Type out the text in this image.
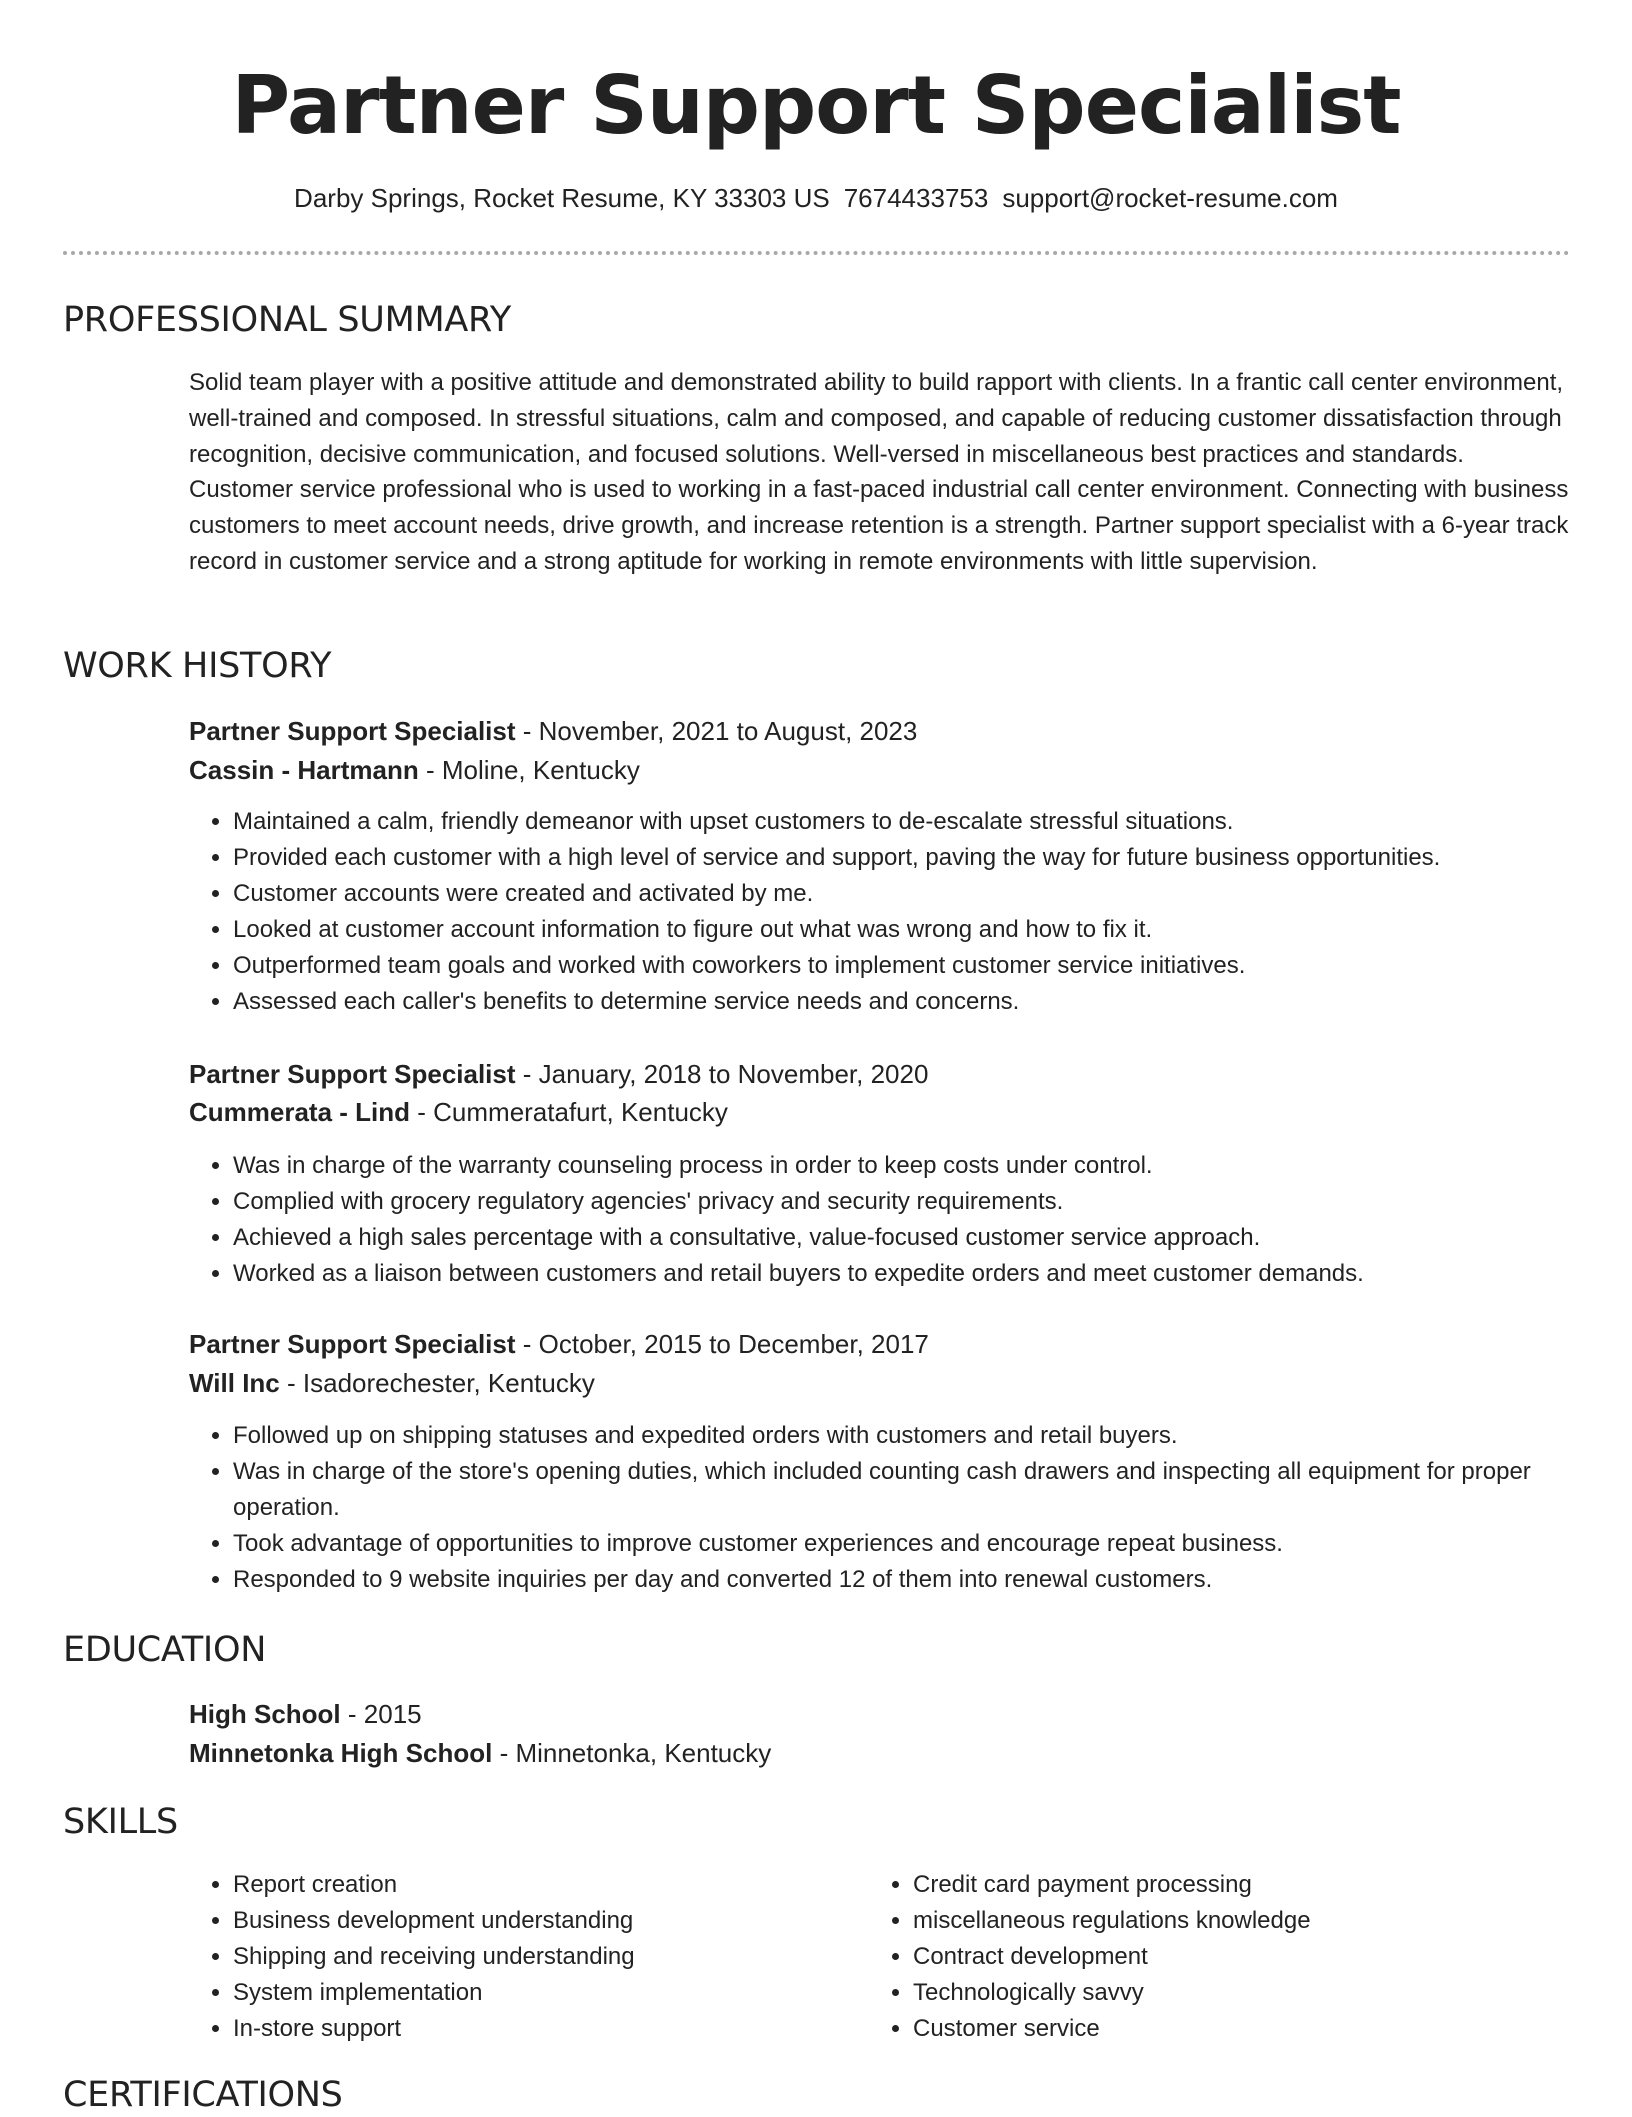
Partner Support Specialist
Darby Springs, Rocket Resume, KY 33303 US 7674433753 support@rocket-resume.com
PROFESSIONAL SUMMARY

Solid team player with a positive attitude and demonstrated ability to build rapport with clients. In a frantic call center environment, well-trained and composed. In stressful situations, calm and composed, and capable of reducing customer dissatisfaction through recognition, decisive communication, and focused solutions. Well-versed in miscellaneous best practices and standards. Customer service professional who is used to working in a fast-paced industrial call center environment. Connecting with business customers to meet account needs, drive growth, and increase retention is a strength. Partner support specialist with a 6-year track record in customer service and a strong aptitude for working in remote environments with little supervision.

WORK HISTORY
Partner Support Specialist - November, 2021 to August, 2023
Cassin - Hartmann - Moline, Kentucky
• Maintained a calm, friendly demeanor with upset customers to de-escalate stressful situations.
• Provided each customer with a high level of service and support, paving the way for future business opportunities.
• Customer accounts were created and activated by me.
• Looked at customer account information to figure out what was wrong and how to fix it.
• Outperformed team goals and worked with coworkers to implement customer service initiatives.
• Assessed each caller's benefits to determine service needs and concerns.
Partner Support Specialist - January, 2018 to November, 2020
Cummerata - Lind - Cummeratafurt, Kentucky
• Was in charge of the warranty counseling process in order to keep costs under control.
• Complied with grocery regulatory agencies' privacy and security requirements.
• Achieved a high sales percentage with a consultative, value-focused customer service approach.
• Worked as a liaison between customers and retail buyers to expedite orders and meet customer demands.
Partner Support Specialist - October, 2015 to December, 2017
Will Inc - Isadorechester, Kentucky
• Followed up on shipping statuses and expedited orders with customers and retail buyers.
• Was in charge of the store's opening duties, which included counting cash drawers and inspecting all equipment for proper operation.
• Took advantage of opportunities to improve customer experiences and encourage repeat business.
• Responded to 9 website inquiries per day and converted 12 of them into renewal customers.
EDUCATION
High School - 2015
Minnetonka High School - Minnetonka, Kentucky
SKILLS
• Report creation
• Business development understanding
• Shipping and receiving understanding
• System implementation
• In-store support
• Credit card payment processing
• miscellaneous regulations knowledge
• Contract development
• Technologically savvy
• Customer service
CERTIFICATIONS
